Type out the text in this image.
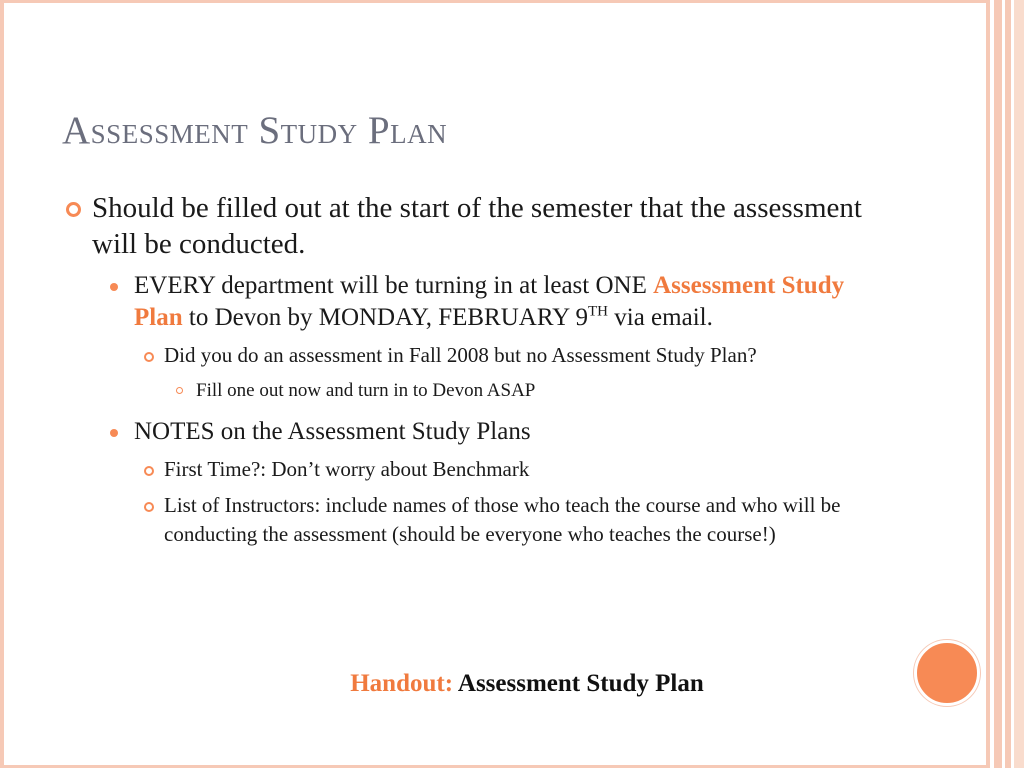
Assessment Study Plan
Should be filled out at the start of the semester that the assessment will be conducted.
EVERY department will be turning in at least ONE Assessment Study Plan to Devon by MONDAY, FEBRUARY 9TH via email.
Did you do an assessment in Fall 2008 but no Assessment Study Plan?
Fill one out now and turn in to Devon ASAP
NOTES on the Assessment Study Plans
First Time?: Don’t worry about Benchmark
List of Instructors: include names of those who teach the course and who will be conducting the assessment (should be everyone who teaches the course!)
Handout: Assessment Study Plan
